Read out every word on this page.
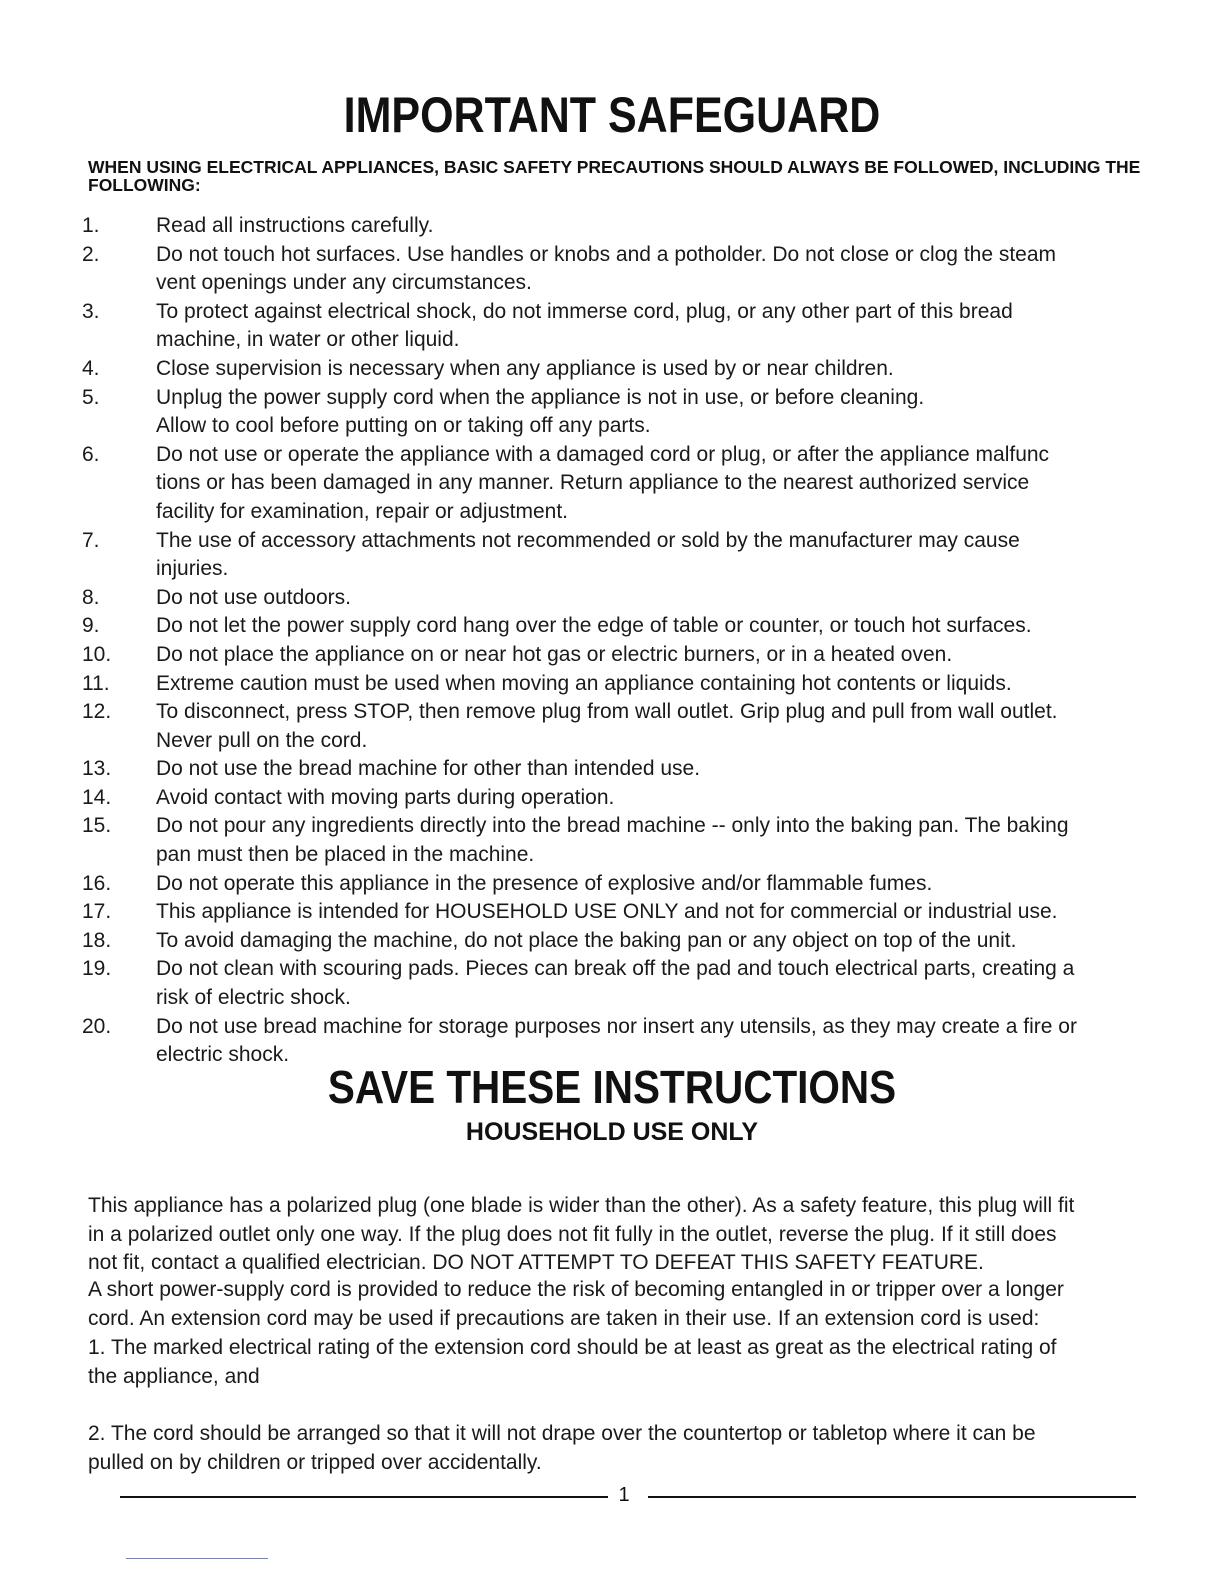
IMPORTANT SAFEGUARD
WHEN USING ELECTRICAL APPLIANCES, BASIC SAFETY PRECAUTIONS SHOULD ALWAYS BE FOLLOWED, INCLUDING THE FOLLOWING:
1.	Read all instructions carefully.
2.	Do not touch hot surfaces. Use handles or knobs and a potholder. Do not close or clog the steam
vent openings under any circumstances.
3.	To protect against electrical shock, do not immerse cord, plug, or any other part of this bread
machine, in water or other liquid.
4.	Close supervision is necessary when any appliance is used by or near children.
5.	Unplug the power supply cord when the appliance is not in use, or before cleaning.
Allow to cool before putting on or taking off any parts.
6.	Do not use or operate the appliance with a damaged cord or plug, or after the appliance malfunc
tions or has been damaged in any manner. Return appliance to the nearest authorized service
facility for examination, repair or adjustment.
7.	The use of accessory attachments not recommended or sold by the manufacturer may cause
injuries.
8.	Do not use outdoors.
9.	Do not let the power supply cord hang over the edge of table or counter, or touch hot surfaces.
10. Do not place the appliance on or near hot gas or electric burners, or in a heated oven.
11. Extreme caution must be used when moving an appliance containing hot contents or liquids.
12. To disconnect, press STOP, then remove plug from wall outlet. Grip plug and pull from wall outlet.
Never pull on the cord.
13. Do not use the bread machine for other than intended use.
14. Avoid contact with moving parts during operation.
15. Do not pour any ingredients directly into the bread machine -- only into the baking pan. The baking
pan must then be placed in the machine.
16. Do not operate this appliance in the presence of explosive and/or flammable fumes.
17. This appliance is intended for HOUSEHOLD USE ONLY and not for commercial or industrial use.
18. To avoid damaging the machine, do not place the baking pan or any object on top of the unit.
19. Do not clean with scouring pads. Pieces can break off the pad and touch electrical parts, creating a
risk of electric shock.
20. Do not use bread machine for storage purposes nor insert any utensils, as they may create a fire or
electric shock.
SAVE THESE INSTRUCTIONS
HOUSEHOLD USE ONLY
This appliance has a polarized plug (one blade is wider than the other). As a safety feature, this plug will fit
in a polarized outlet only one way. If the plug does not fit fully in the outlet, reverse the plug. If it still does
not fit, contact a qualified electrician. DO NOT ATTEMPT TO DEFEAT THIS SAFETY FEATURE.
A short power-supply cord is provided to reduce the risk of becoming entangled in or tripper over a longer
cord. An extension cord may be used if precautions are taken in their use. If an extension cord is used:
1. The marked electrical rating of the extension cord should be at least as great as the electrical rating of
the appliance, and
2. The cord should be arranged so that it will not drape over the countertop or tabletop where it can be
pulled on by children or tripped over accidentally.
1
